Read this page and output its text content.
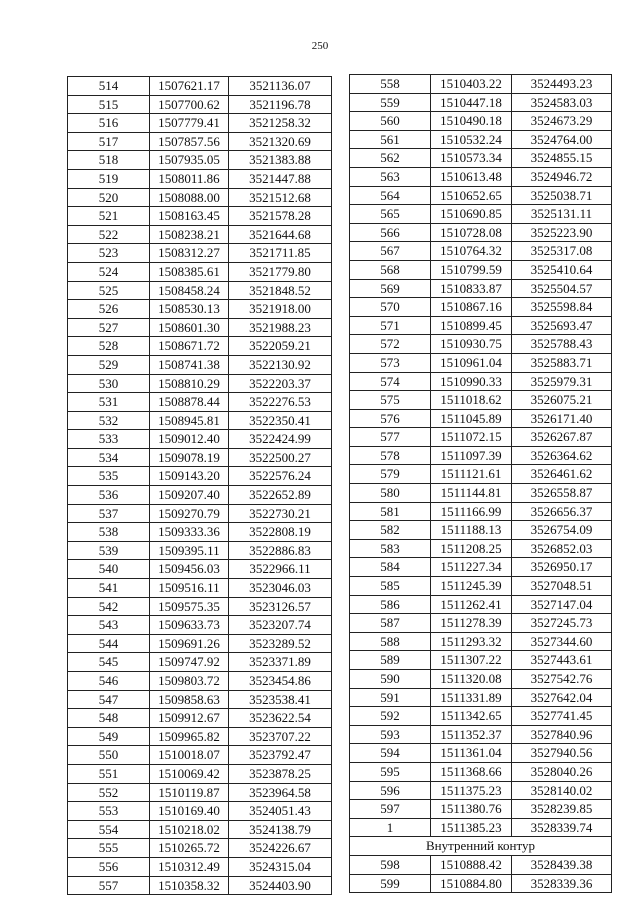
250
514	1507621.17	3521136.07
515	1507700.62	3521196.78
516	1507779.41	3521258.32
517	1507857.56	3521320.69
518	1507935.05	3521383.88
519	1508011.86	3521447.88
520	1508088.00	3521512.68
521	1508163.45	3521578.28
522	1508238.21	3521644.68
523	1508312.27	3521711.85
524	1508385.61	3521779.80
525	1508458.24	3521848.52
526	1508530.13	3521918.00
527	1508601.30	3521988.23
528	1508671.72	3522059.21
529	1508741.38	3522130.92
530	1508810.29	3522203.37
531	1508878.44	3522276.53
532	1508945.81	3522350.41
533	1509012.40	3522424.99
534	1509078.19	3522500.27
535	1509143.20	3522576.24
536	1509207.40	3522652.89
537	1509270.79	3522730.21
538	1509333.36	3522808.19
539	1509395.11	3522886.83
540	1509456.03	3522966.11
541	1509516.11	3523046.03
542	1509575.35	3523126.57
543	1509633.73	3523207.74
544	1509691.26	3523289.52
545	1509747.92	3523371.89
546	1509803.72	3523454.86
547	1509858.63	3523538.41
548	1509912.67	3523622.54
549	1509965.82	3523707.22
550	1510018.07	3523792.47
551	1510069.42	3523878.25
552	1510119.87	3523964.58
553	1510169.40	3524051.43
554	1510218.02	3524138.79
555	1510265.72	3524226.67
556	1510312.49	3524315.04
557	1510358.32	3524403.90
558	1510403.22	3524493.23
559	1510447.18	3524583.03
560	1510490.18	3524673.29
561	1510532.24	3524764.00
562	1510573.34	3524855.15
563	1510613.48	3524946.72
564	1510652.65	3525038.71
565	1510690.85	3525131.11
566	1510728.08	3525223.90
567	1510764.32	3525317.08
568	1510799.59	3525410.64
569	1510833.87	3525504.57
570	1510867.16	3525598.84
571	1510899.45	3525693.47
572	1510930.75	3525788.43
573	1510961.04	3525883.71
574	1510990.33	3525979.31
575	1511018.62	3526075.21
576	1511045.89	3526171.40
577	1511072.15	3526267.87
578	1511097.39	3526364.62
579	1511121.61	3526461.62
580	1511144.81	3526558.87
581	1511166.99	3526656.37
582	1511188.13	3526754.09
583	1511208.25	3526852.03
584	1511227.34	3526950.17
585	1511245.39	3527048.51
586	1511262.41	3527147.04
587	1511278.39	3527245.73
588	1511293.32	3527344.60
589	1511307.22	3527443.61
590	1511320.08	3527542.76
591	1511331.89	3527642.04
592	1511342.65	3527741.45
593	1511352.37	3527840.96
594	1511361.04	3527940.56
595	1511368.66	3528040.26
596	1511375.23	3528140.02
597	1511380.76	3528239.85
1	1511385.23	3528339.74
Внутренний контур		
598	1510888.42	3528439.38
599	1510884.80	3528339.36
